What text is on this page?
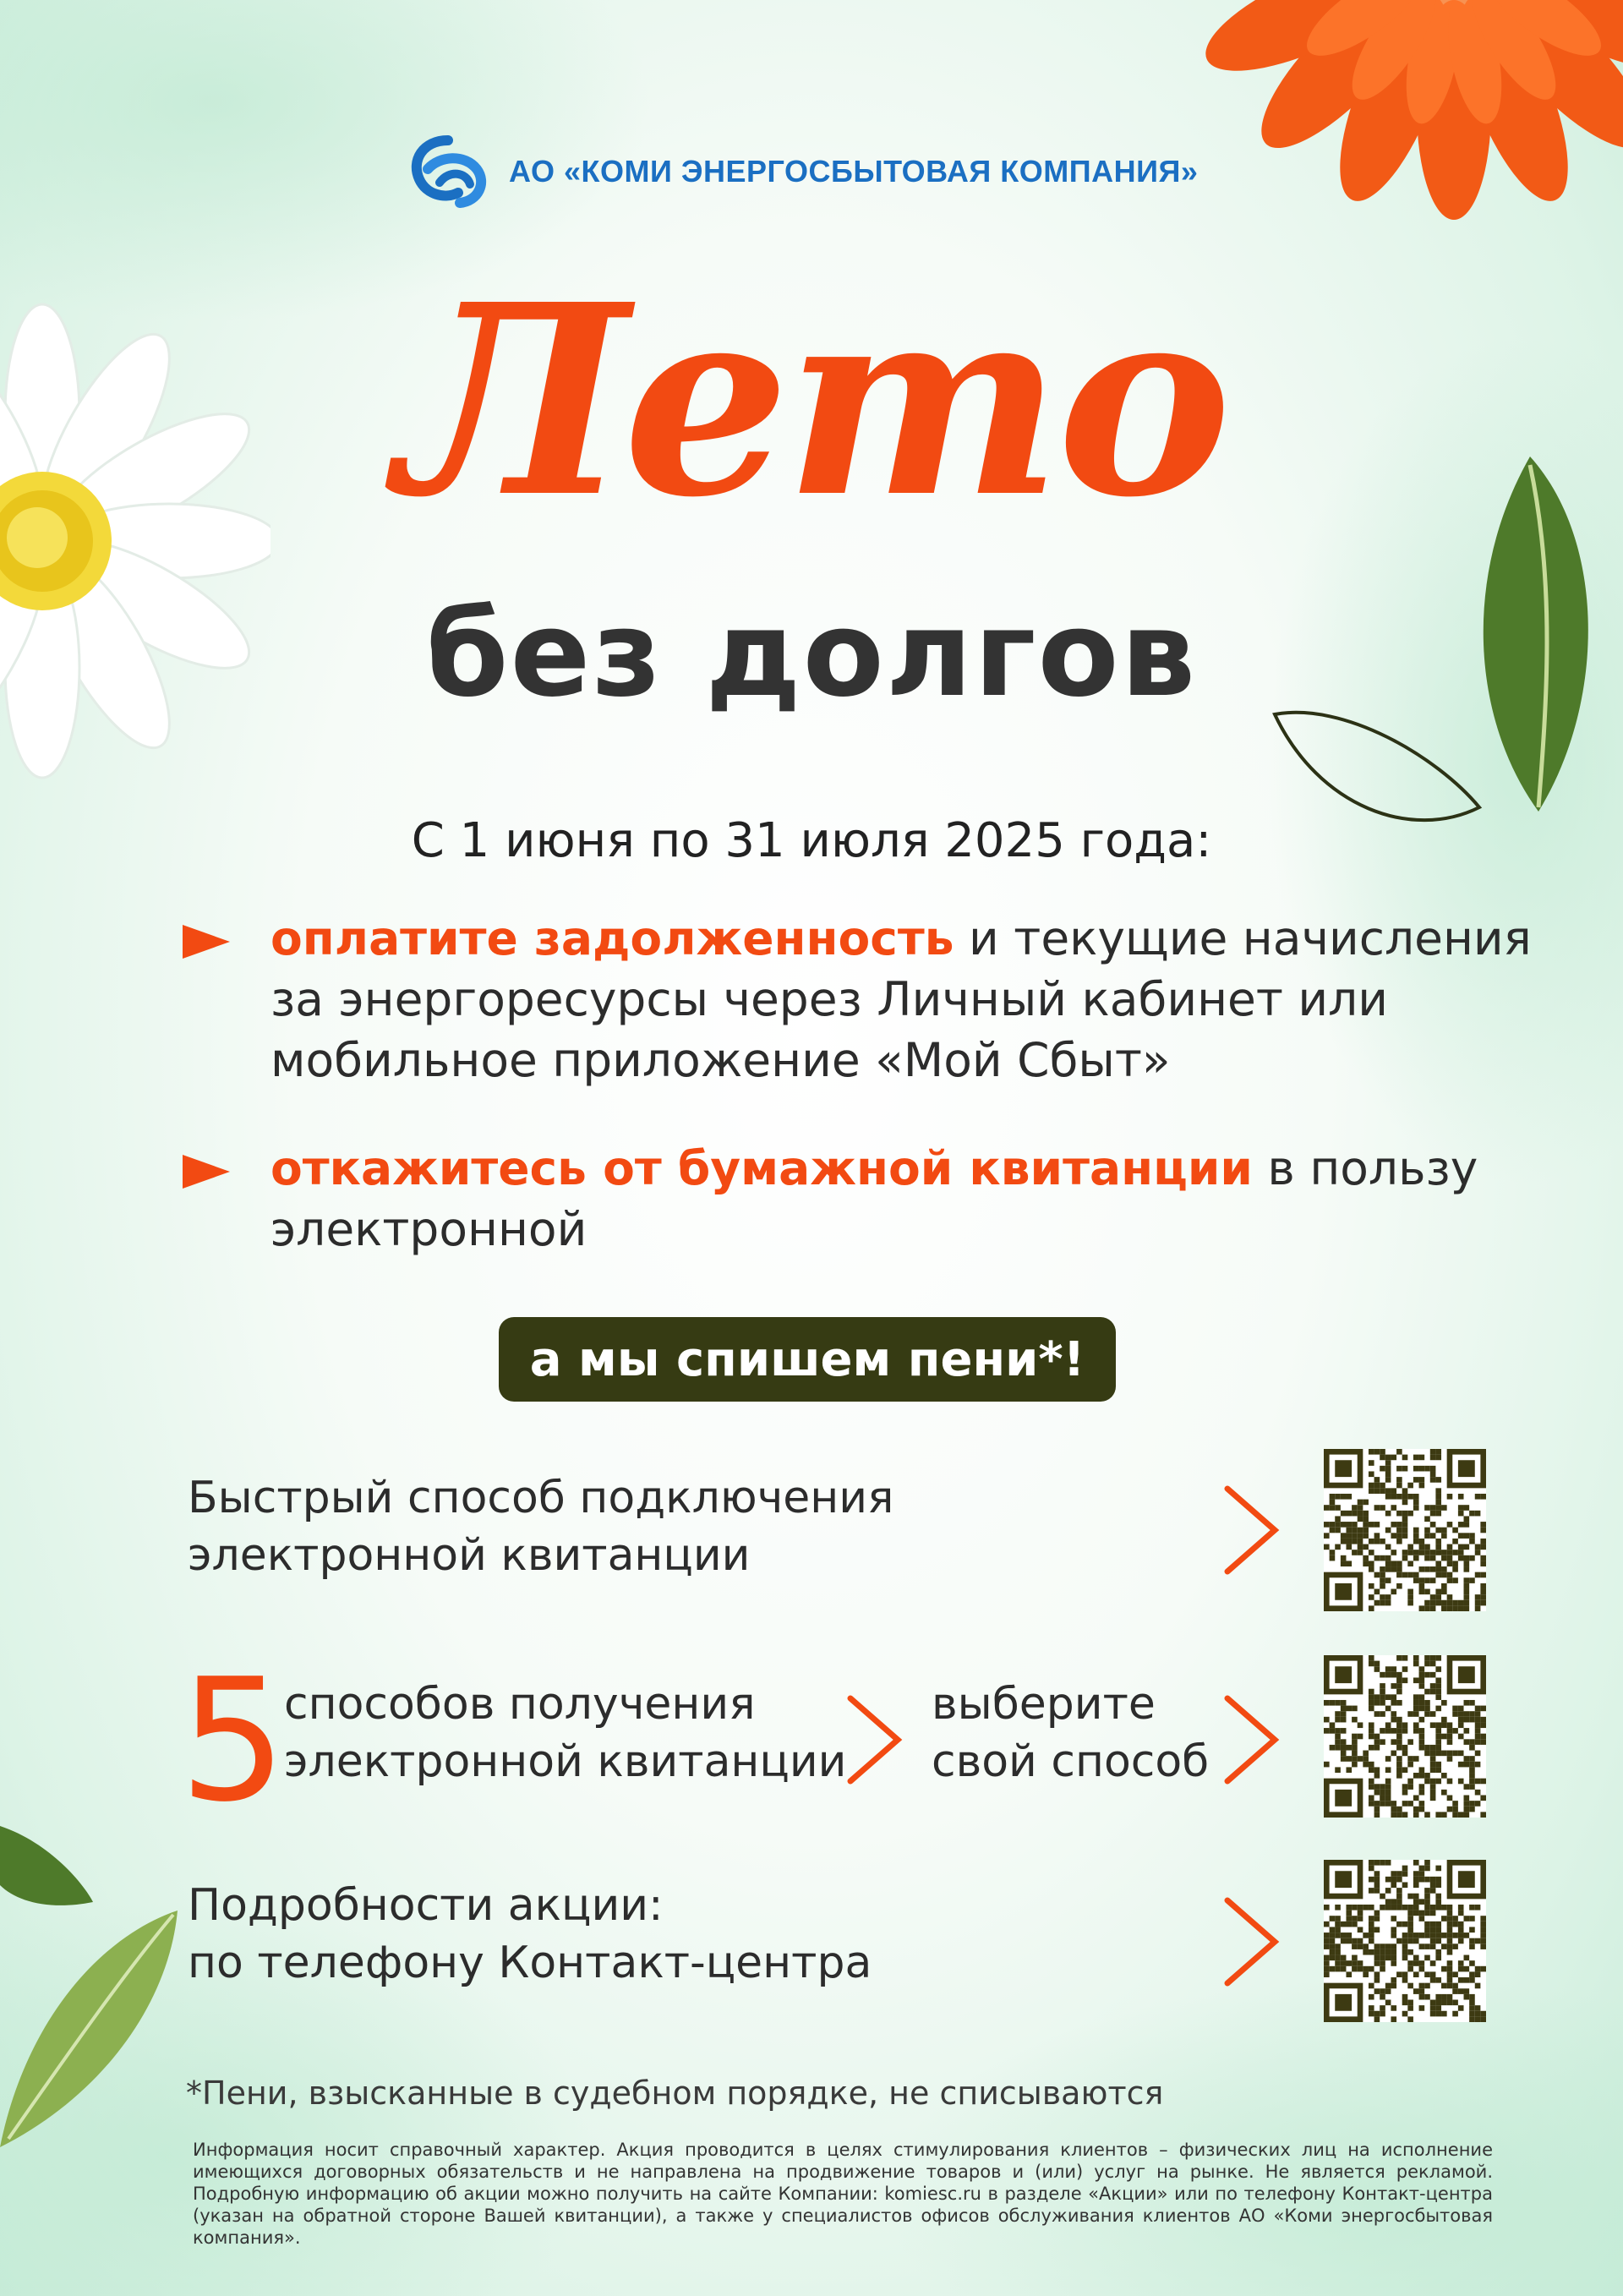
АО «КОМИ ЭНЕРГОСБЫТОВАЯ КОМПАНИЯ»
Лето
без долгов
С 1 июня по 31 июля 2025 года:
оплатите задолженность и текущие начисления за энергоресурсы через Личный кабинет или мобильное приложение «Мой Сбыт»
откажитесь от бумажной квитанции в пользу электронной
а мы спишем пени*!
Быстрый способ подключения
электронной квитанции
5
способов получения
электронной квитанции
выберите
свой способ
Подробности акции:
по телефону Контакт-центра
*Пени, взысканные в судебном порядке, не списываются
Информация носит справочный характер. Акция проводится в целях стимулирования клиентов – физических лиц на исполнение имеющихся договорных обязательств и не направлена на продвижение товаров и (или) услуг на рынке. Не является рекламой. Подробную информацию об акции можно получить на сайте Компании: komiesc.ru в разделе «Акции» или по телефону Контакт-центра (указан на обратной стороне Вашей квитанции), а также у специалистов офисов обслуживания клиентов АО «Коми энергосбытовая компания».
